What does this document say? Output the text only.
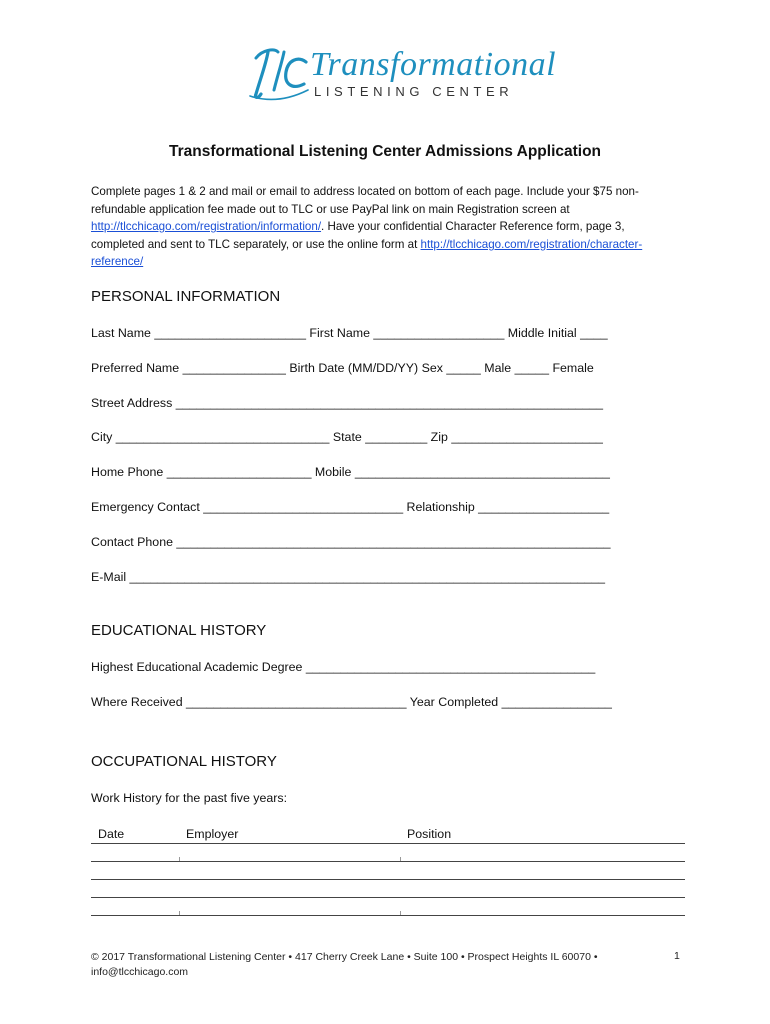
Transformational
LISTENING CENTER
Transformational Listening Center Admissions Application
Complete pages 1 & 2 and mail or email to address located on bottom of each page. Include your $75 non-refundable application fee made out to TLC or use PayPal link on main Registration screen at http://tlcchicago.com/registration/information/. Have your confidential Character Reference form, page 3, completed and sent to TLC separately, or use the online form at http://tlcchicago.com/registration/character-reference/
PERSONAL INFORMATION
Last Name ______________________ First Name ___________________ Middle Initial ____
Preferred Name _______________ Birth Date (MM/DD/YY) Sex _____ Male _____ Female
Street Address ______________________________________________________________
City _______________________________ State _________ Zip ______________________
Home Phone _____________________ Mobile _____________________________________
Emergency Contact _____________________________ Relationship ___________________
Contact Phone _______________________________________________________________
E-Mail _____________________________________________________________________
EDUCATIONAL HISTORY
Highest Educational Academic Degree __________________________________________
Where Received ________________________________ Year Completed ________________
OCCUPATIONAL HISTORY
Work History for the past five years:
Date	Employer	Position
© 2017 Transformational Listening Center • 417 Cherry Creek Lane • Suite 100 • Prospect Heights IL 60070 • info@tlcchicago.com
1
